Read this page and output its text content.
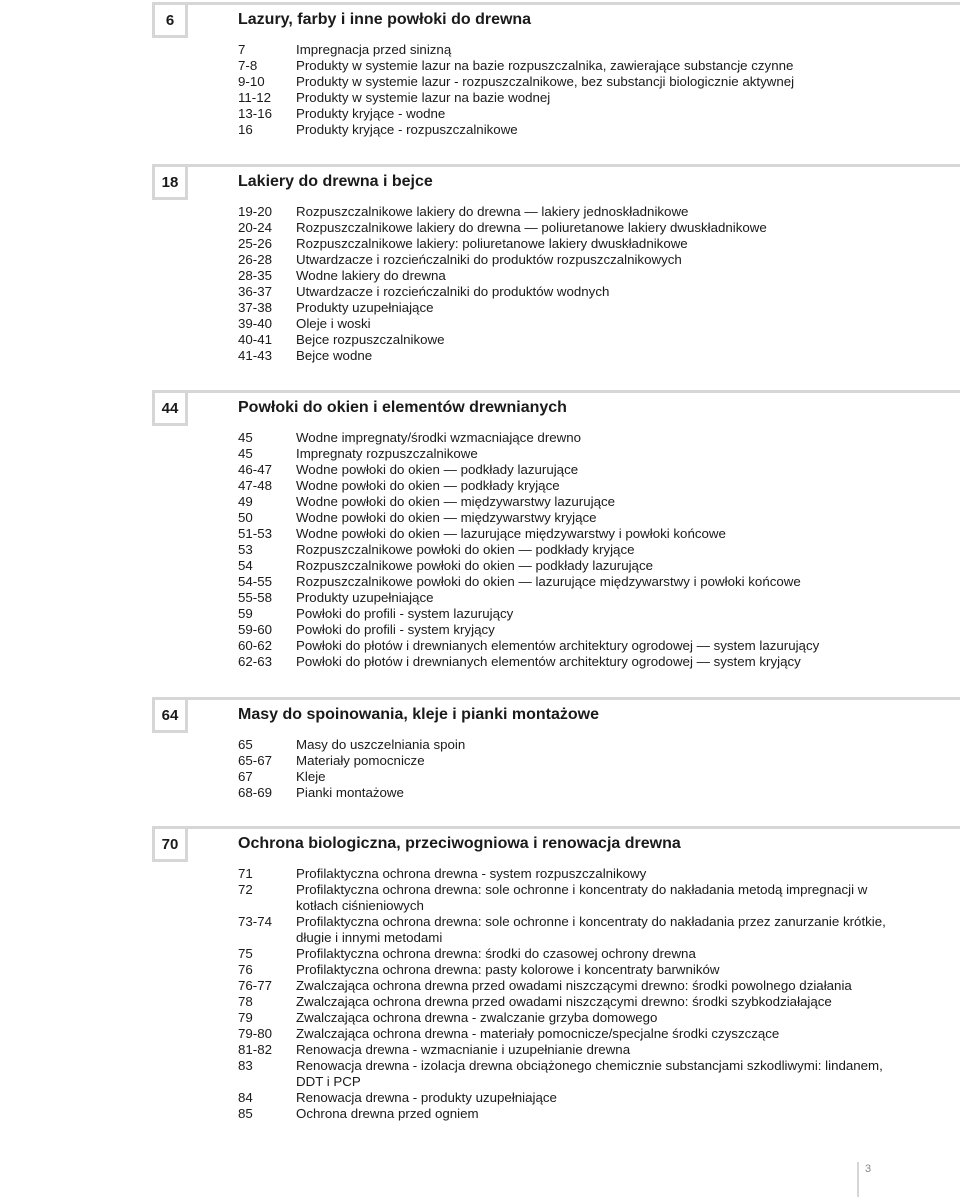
6	Lazury, farby i inne powłoki do drewna
7	Impregnacja przed sinizną
7-8	Produkty w systemie lazur na bazie rozpuszczalnika, zawierające substancje czynne
9-10 Produkty w systemie lazur - rozpuszczalnikowe, bez substancji biologicznie aktywnej
11-12 Produkty w systemie lazur na bazie wodnej
13-16 Produkty kryjące - wodne
16	Produkty kryjące - rozpuszczalnikowe
18	Lakiery do drewna i bejce
19-20 Rozpuszczalnikowe lakiery do drewna — lakiery jednoskładnikowe
20-24 Rozpuszczalnikowe lakiery do drewna — poliuretanowe lakiery dwuskładnikowe
25-26 Rozpuszczalnikowe lakiery: poliuretanowe lakiery dwuskładnikowe
26-28 Utwardzacze i rozcieńczalniki do produktów rozpuszczalnikowych
28-35 Wodne lakiery do drewna
36-37 Utwardzacze i rozcieńczalniki do produktów wodnych
37-38 Produkty uzupełniające
39-40 Oleje i woski
40-41 Bejce rozpuszczalnikowe
41-43 Bejce wodne
44	Powłoki do okien i elementów drewnianych
45	Wodne impregnaty/środki wzmacniające drewno
45	Impregnaty rozpuszczalnikowe
46-47 Wodne powłoki do okien — podkłady lazurujące
47-48 Wodne powłoki do okien — podkłady kryjące
49	Wodne powłoki do okien — międzywarstwy lazurujące
50	Wodne powłoki do okien — międzywarstwy kryjące
51-53 Wodne powłoki do okien — lazurujące międzywarstwy i powłoki końcowe
53	Rozpuszczalnikowe powłoki do okien — podkłady kryjące
54	Rozpuszczalnikowe powłoki do okien — podkłady lazurujące
54-55 Rozpuszczalnikowe powłoki do okien — lazurujące międzywarstwy i powłoki końcowe
55-58 Produkty uzupełniające
59	Powłoki do profili - system lazurujący
59-60 Powłoki do profili - system kryjący
60-62 Powłoki do płotów i drewnianych elementów architektury ogrodowej — system lazurujący
62-63 Powłoki do płotów i drewnianych elementów architektury ogrodowej — system kryjący
64	Masy do spoinowania, kleje i pianki montażowe
65	Masy do uszczelniania spoin
65-67 Materiały pomocnicze
67	Kleje
68-69 Pianki montażowe
70	Ochrona biologiczna, przeciwogniowa i renowacja drewna
71	Profilaktyczna ochrona drewna - system rozpuszczalnikowy
72	Profilaktyczna ochrona drewna: sole ochronne i koncentraty do nakładania metodą impregnacji w kotłach ciśnieniowych
73-74 Profilaktyczna ochrona drewna: sole ochronne i koncentraty do nakładania przez zanurzanie krótkie, długie i innymi metodami
75	Profilaktyczna ochrona drewna: środki do czasowej ochrony drewna
76	Profilaktyczna ochrona drewna: pasty kolorowe i koncentraty barwników
76-77 Zwalczająca ochrona drewna przed owadami niszczącymi drewno: środki powolnego działania
78	Zwalczająca ochrona drewna przed owadami niszczącymi drewno: środki szybkodziałające
79	Zwalczająca ochrona drewna - zwalczanie grzyba domowego
79-80 Zwalczająca ochrona drewna - materiały pomocnicze/specjalne środki czyszczące
81-82 Renowacja drewna - wzmacnianie i uzupełnianie drewna
83	Renowacja drewna - izolacja drewna obciążonego chemicznie substancjami szkodliwymi: lindanem, DDT i PCP
84	Renowacja drewna - produkty uzupełniające
85	Ochrona drewna przed ogniem
3
